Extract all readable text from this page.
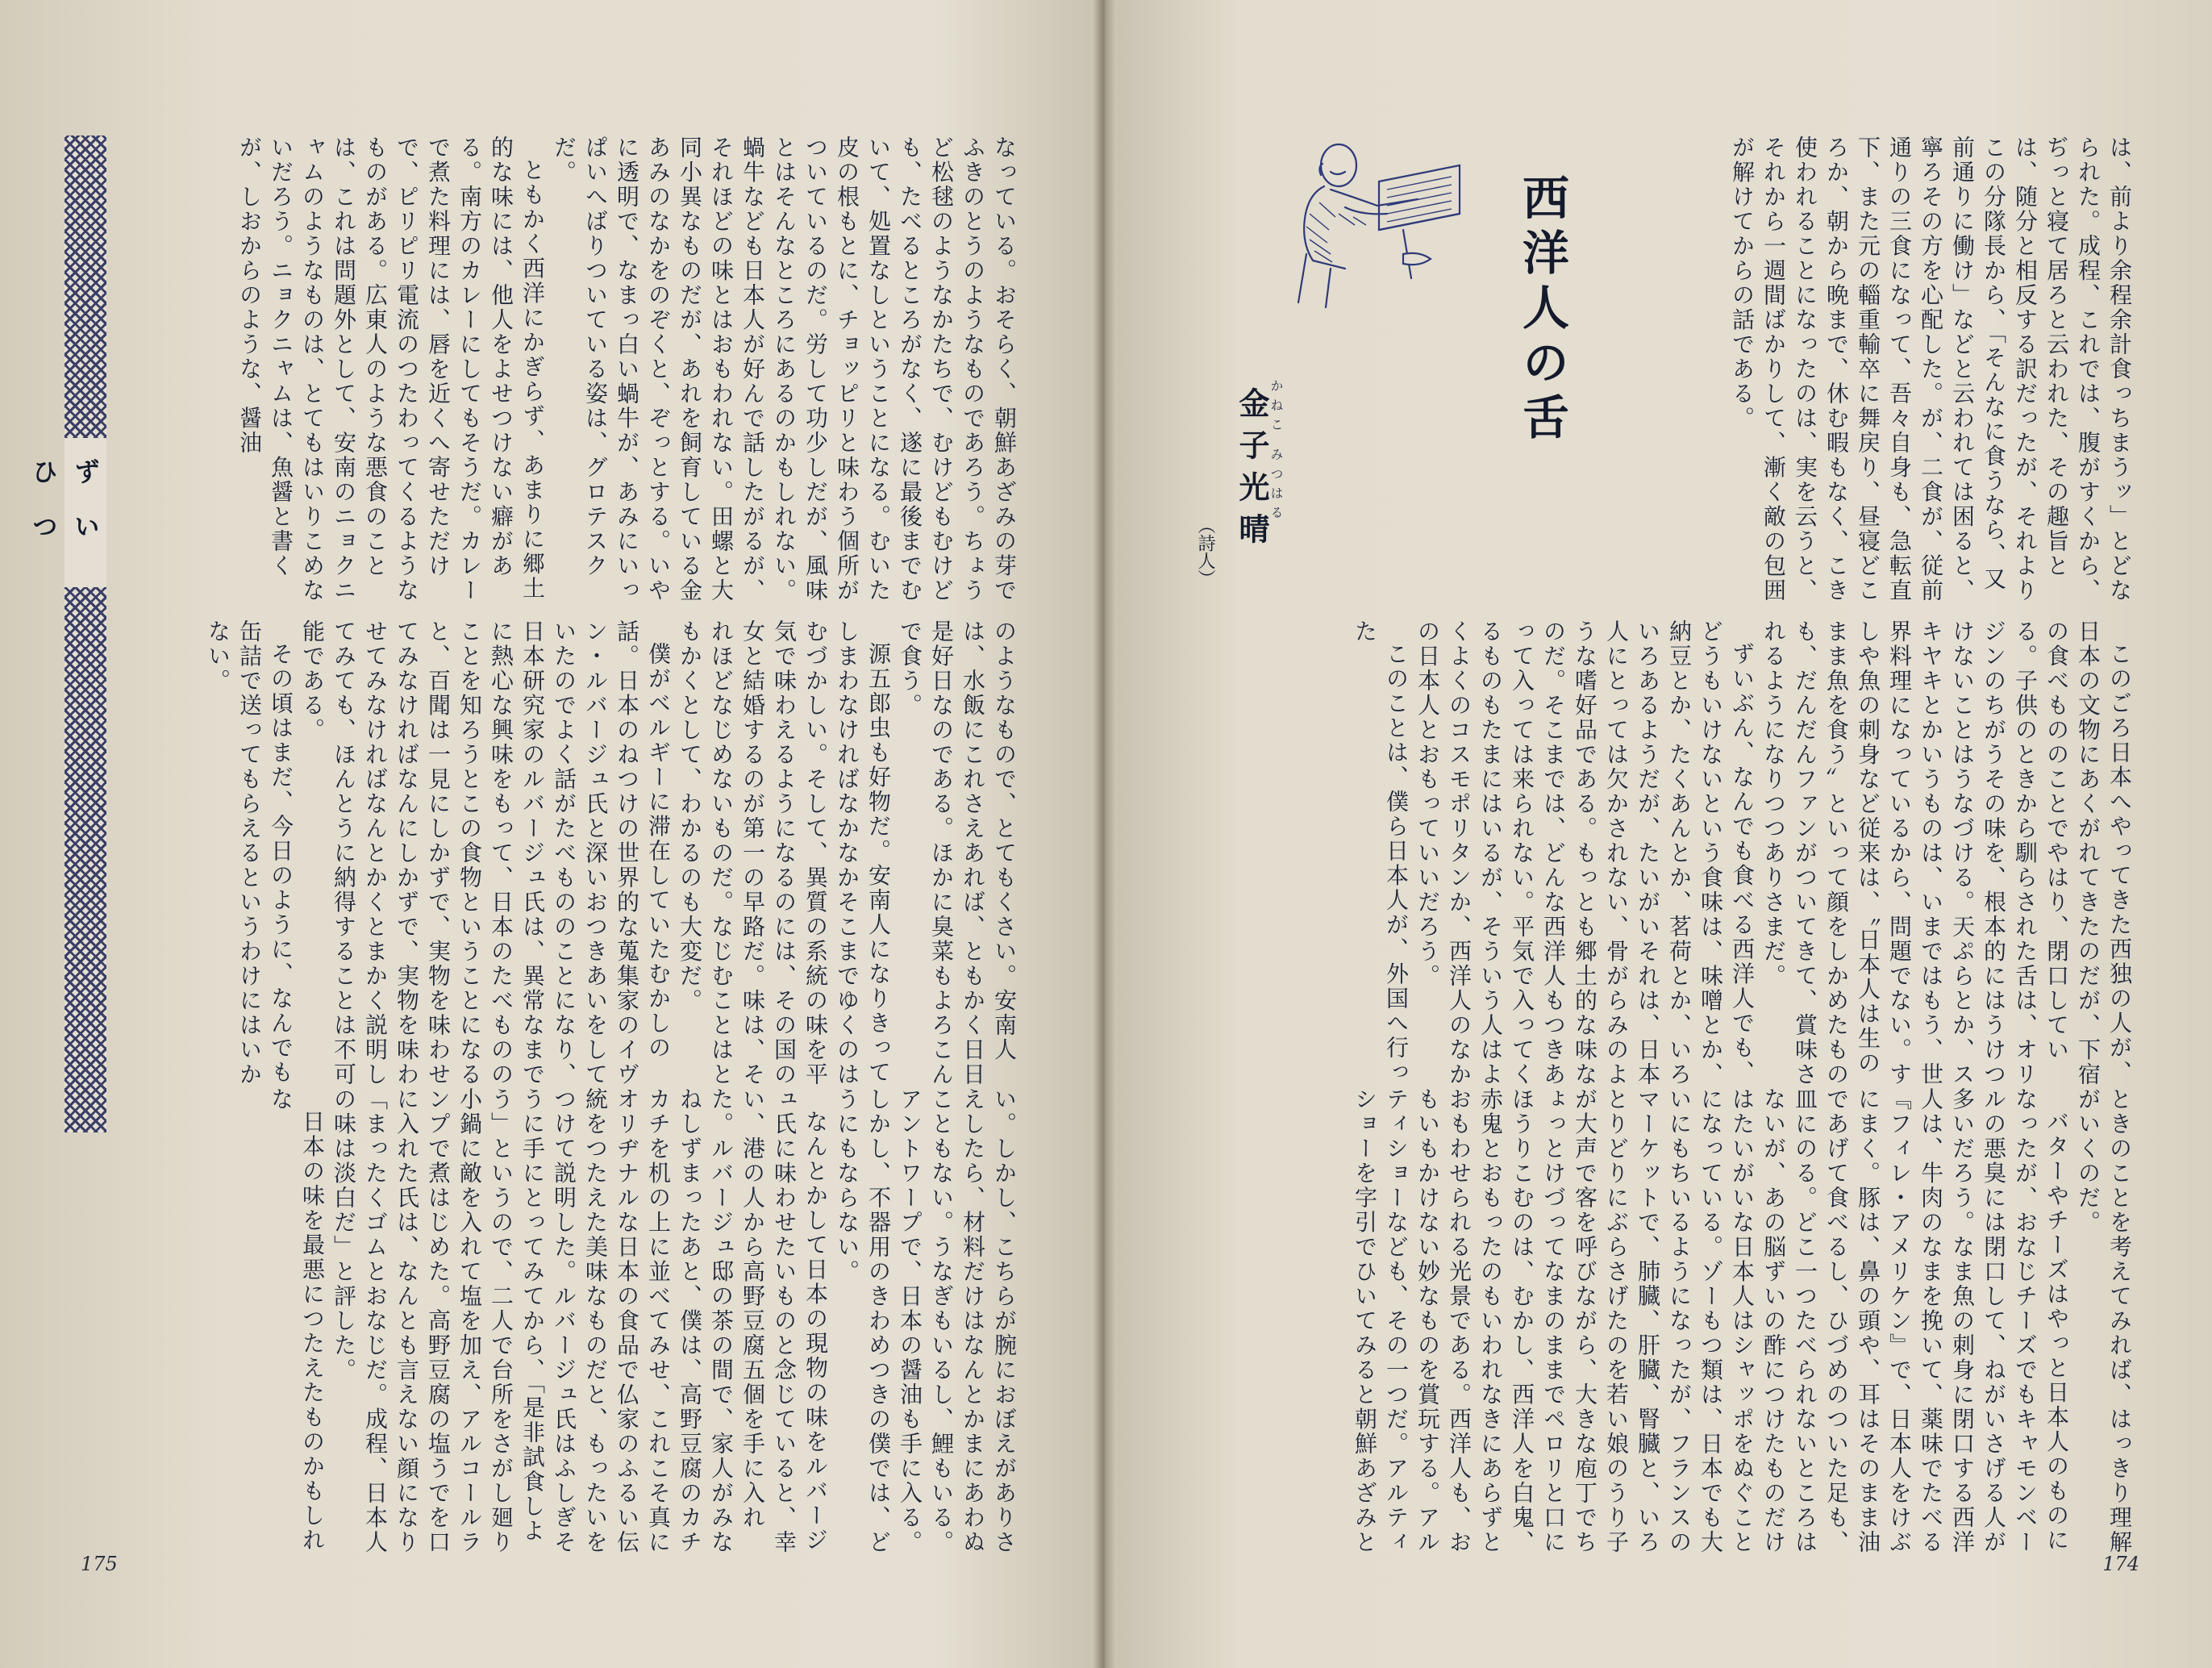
ずいひつ	なっている。おそらく、朝鮮あざみの芽でふきのとうのようなものであろう。ちょうど松毬のようなかたちで、むけどもむけども、たべるところがなく、遂に最後までむいて、処置なしということになる。むいた皮の根もとに、チョッピリと味わう個所がついているのだ。労して功少しだが、風味とはそんなところにあるのかもしれない。蝸牛なども日本人が好んで話したがるが、それほどの味とはおもわれない。田螺と大同小異なものだが、あれを飼育している金あみのなかをのぞくと、ぞっとする。いやに透明で、なまっ白い蝸牛が、あみにいっぱいへばりついている姿は、グロテスクだ。

ともかく西洋にかぎらず、あまりに郷土的な味には、他人をよせつけない癖がある。南方のカレーにしてもそうだ。カレーで煮た料理には、唇を近くへ寄せただけで、ピリピリ電流のつたわってくるようなものがある。広東人のような悪食のことは、これは問題外として、安南のニョクニャムのようなものは、とてもはいりこめないだろう。ニョクニャムは、魚醤と書くが、しおからのような、醤油

のようなもので、とてもくさい。安南人は、水飯にこれさえあれば、ともかく日日是好日なのである。ほかに臭菜もよろこんで食う。

源五郎虫も好物だ。安南人になりきってしまわなければなかなかそこまでゆくのはむづかしい。そして、異質の系統の味を平気で味わえるようになるのには、その国の女と結婚するのが第一の早路だ。味は、それほどなじめないものだ。なじむことはともかくとして、わかるのも大変だ。

僕がベルギーに滞在していたむかしの話。日本のねつけの世界的な蒐集家のイヴン・ルバージュ氏と深いおつきあいをしていたのでよく話がたべもののことになり、日本研究家のルバージュ氏は、異常なまでに熱心な興味をもって、日本のたべもののことを知ろうとこの食物ということになると、百聞は一見にしかずで、実物を味わせてみなければなんにしかずで、実物を味わせてみなければなんとかくとまかく説明してみても、ほんとうに納得することは不可能である。

その頃はまだ、今日のように、なんでも缶詰で送ってもらえるというわけにはいかない。

い。しかし、こちらが腕におぼえがありさえしたら、材料だけはなんとかまにあわぬこともない。うなぎもいるし、鯉もいる。アントワープで、日本の醤油も手に入る。しかし、不器用のきわめつきの僕では、どうにもならない。

なんとかして日本の現物の味をルバージュ氏に味わせたいものと念じていると、幸い、港の人から高野豆腐五個を手に入れた。ルバージュ邸の茶の間で、家人がみなねしずまったあと、僕は、高野豆腐のカチカチを机の上に並べてみせ、これこそ真にオリヂナルな日本の食品で仏家のふるい伝統をつたえた美味なものだと、もったいをつけて説明した。ルバージュ氏はふしぎそうに手にとってみてから、「是非試食しよう」というので、二人で台所をさがし廻り小鍋に敵を入れて塩を加え、アルコールランプで煮はじめた。高野豆腐の塩うでを口に入れた氏は、なんとも言えない顔になり「まったくゴムとおなじだ。成程、日本人の味は淡白だ」と評した。

日本の味を最悪につたえたものかもしれな

175

は、前より余程余計食っちまうッ」とどなられた。成程、これでは、腹がすくから、ぢっと寝て居ろと云われた、その趣旨とは、随分と相反する訳だったが、それよりこの分隊長から、「そんなに食うなら、又前通りに働け」などと云われては困ると、寧ろその方を心配した。が、二食が、従前通りの三食になって、吾々自身も、急転直下、また元の輜重輸卒に舞戻り、昼寝どころか、朝から晩まで、休む暇もなく、こき使われることになったのは、実を云うと、それから一週間ばかりして、漸く敵の包囲が解けてからの話である。

西洋人の舌
金子光晴
かねこ みつはる
（詩人）

このごろ日本へやってきた西独の人が、日本の文物にあくがれてきたのだが、下宿の食べもののことでやはり、閉口している。子供のときから馴らされた舌は、オリジンのちがうその味を、根本的にはうけつけないことはうなづける。天ぷらとか、スキヤキとかいうものは、いまではもう、世界料理になっているから、問題でない。すしや魚の刺身など従来は、〝日本人は生のまま魚を食う〟といって顔をしかめたものも、だんだんファンがついてきて、賞味されるようになりつつありさまだ。

ずいぶん、なんでも食べる西洋人でも、どうもいけないという食味は、味噌とか、納豆とか、たくあんとか、茗荷とか、いろいろあるようだが、たいがいそれは、日本人にとっては欠かされない、骨がらみのような嗜好品である。もっとも郷土的な味なのだ。そこまでは、どんな西洋人もつきあって入っては来られない。平気で入ってくるものもたまにはいるが、そういう人はよくよくのコスモポリタンか、西洋人のなかの日本人とおもっていいだろう。

このことは、僕ら日本人が、外国へ行った

ときのことを考えてみれば、はっきり理解がいくのだ。

バターやチーズはやっと日本人のものになったが、おなじチーズでもキャモンベールの悪臭には閉口して、ねがいさげる人が多いだろう。なま魚の刺身に閉口する西洋人は、牛肉のなまを挽いて、薬味でたべる『フィレ・アメリケン』で、日本人をけぶにまく。豚は、鼻の頭や、耳はそのまま油であげて食べるし、ひづめのついた足も、皿にのる。どこ一つたべられないところはないが、あの脳ずいの酢につけたものだけはたいがいな日本人はシャッポをぬぐことになっている。ゾーもつ類は、日本でも大いにもちいるようになったが、フランスのマーケットで、肺臓、肝臓、腎臓と、いろとりどりにぶらさげたのを若い娘のうり子が大声で客を呼びながら、大きな庖丁でちょっとけづってなまのままでペロリと口にほうりこむのは、むかし、西洋人を白鬼、赤鬼とおもったのもいわれなきにあらずとおもわせられる光景である。西洋人も、おもいもかけない妙なものを賞玩する。アルティショーなども、その一つだ。アルティショーを字引でひいてみると朝鮮あざみと

174
